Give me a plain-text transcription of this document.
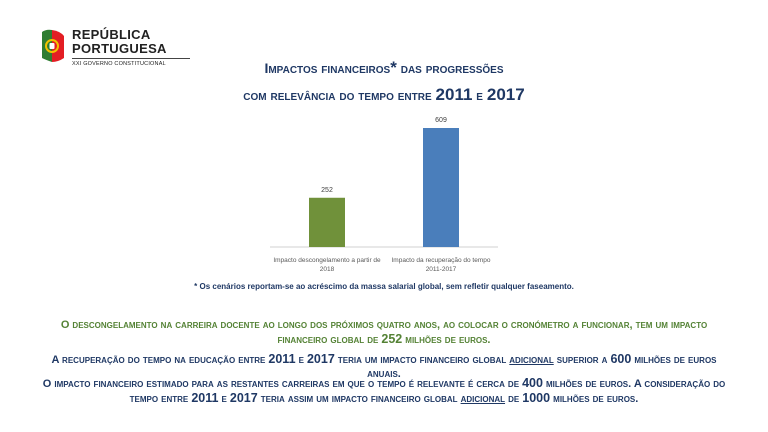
REPÚBLICA
PORTUGUESA
XXI GOVERNO CONSTITUCIONAL	Impactos financeiros* das progressões
com relevância do tempo entre 2011 e 2017
252
Impacto descongelamento a partir de
2018
609
Impacto da recuperação do tempo
2011-2017
* Os cenários reportam-se ao acréscimo da massa salarial global, sem refletir qualquer faseamento.
O descongelamento na carreira docente ao longo dos próximos quatro anos, ao colocar o cronómetro a funcionar, tem um impacto financeiro global de 252 milhões de euros.
A recuperação do tempo na educação entre 2011 e 2017 teria um impacto financeiro global adicional superior a 600 milhões de euros anuais.
O impacto financeiro estimado para as restantes carreiras em que o tempo é relevante é cerca de 400 milhões de euros. A consideração do tempo entre 2011 e 2017 teria assim um impacto financeiro global adicional de 1000 milhões de euros.
